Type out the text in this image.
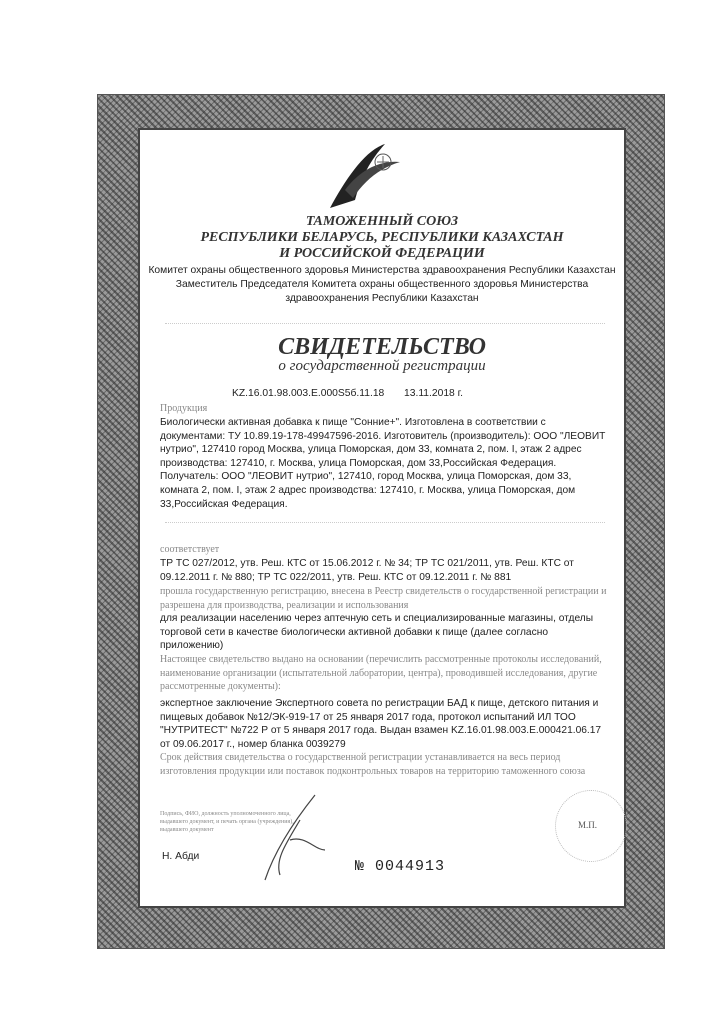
ТАМОЖЕННЫЙ СОЮЗ
РЕСПУБЛИКИ БЕЛАРУСЬ, РЕСПУБЛИКИ КАЗАХСТАН
И РОССИЙСКОЙ ФЕДЕРАЦИИ
Комитет охраны общественного здоровья Министерства здравоохранения Республики Казахстан
Заместитель Председателя Комитета охраны общественного здоровья Министерства
здравоохранения Республики Казахстан
СВИДЕТЕЛЬСТВО
о государственной регистрации
KZ.16.01.98.003.E.000Ѕ5б.11.18 13.11.2018 г.
Продукция
Биологически активная добавка к пище "Сонние+". Изготовлена в соответствии с документами: ТУ 10.89.19-178-49947596-2016. Изготовитель (производитель): ООО "ЛЕОВИТ нутрио", 127410 город Москва, улица Поморская, дом 33, комната 2, пом. I, этаж 2 адрес производства: 127410, г. Москва, улица Поморская, дом 33,Российская Федерация. Получатель: ООО "ЛЕОВИТ нутрио", 127410, город Москва, улица Поморская, дом 33, комната 2, пом. I, этаж 2 адрес производства: 127410, г. Москва, улица Поморская, дом 33,Российская Федерация.
соответствует
ТР ТС 027/2012, утв. Реш. КТС от 15.06.2012 г. № 34; ТР ТС 021/2011, утв. Реш. КТС от 09.12.2011 г. № 880; ТР ТС 022/2011, утв. Реш. КТС от 09.12.2011 г. № 881
прошла государственную регистрацию, внесена в Реестр свидетельств о государственной регистрации и разрешена для производства, реализации и использования
для реализации населению через аптечную сеть и специализированные магазины, отделы торговой сети в качестве биологически активной добавки к пище (далее согласно приложению)
Настоящее свидетельство выдано на основании (перечислить рассмотренные протоколы исследований, наименование организации (испытательной лаборатории, центра), проводившей исследования, другие рассмотренные документы):
экспертное заключение Экспертного совета по регистрации БАД к пище, детского питания и пищевых добавок №12/ЭК-919-17 от 25 января 2017 года, протокол испытаний ИЛ ТОО "НУТРИТЕСТ" №722 Р от 5 января 2017 года. Выдан взамен KZ.16.01.98.003.E.000421.06.17 от 09.06.2017 г., номер бланка 0039279
Срок действия свидетельства о государственной регистрации устанавливается на весь период изготовления продукции или поставок подконтрольных товаров на территорию таможенного союза
Подпись, ФИО, должность уполномоченного лица, выдавшего документ, и печать органа (учреждения), выдавшего документ
Н. Абди
М.П.
№ 0044913
